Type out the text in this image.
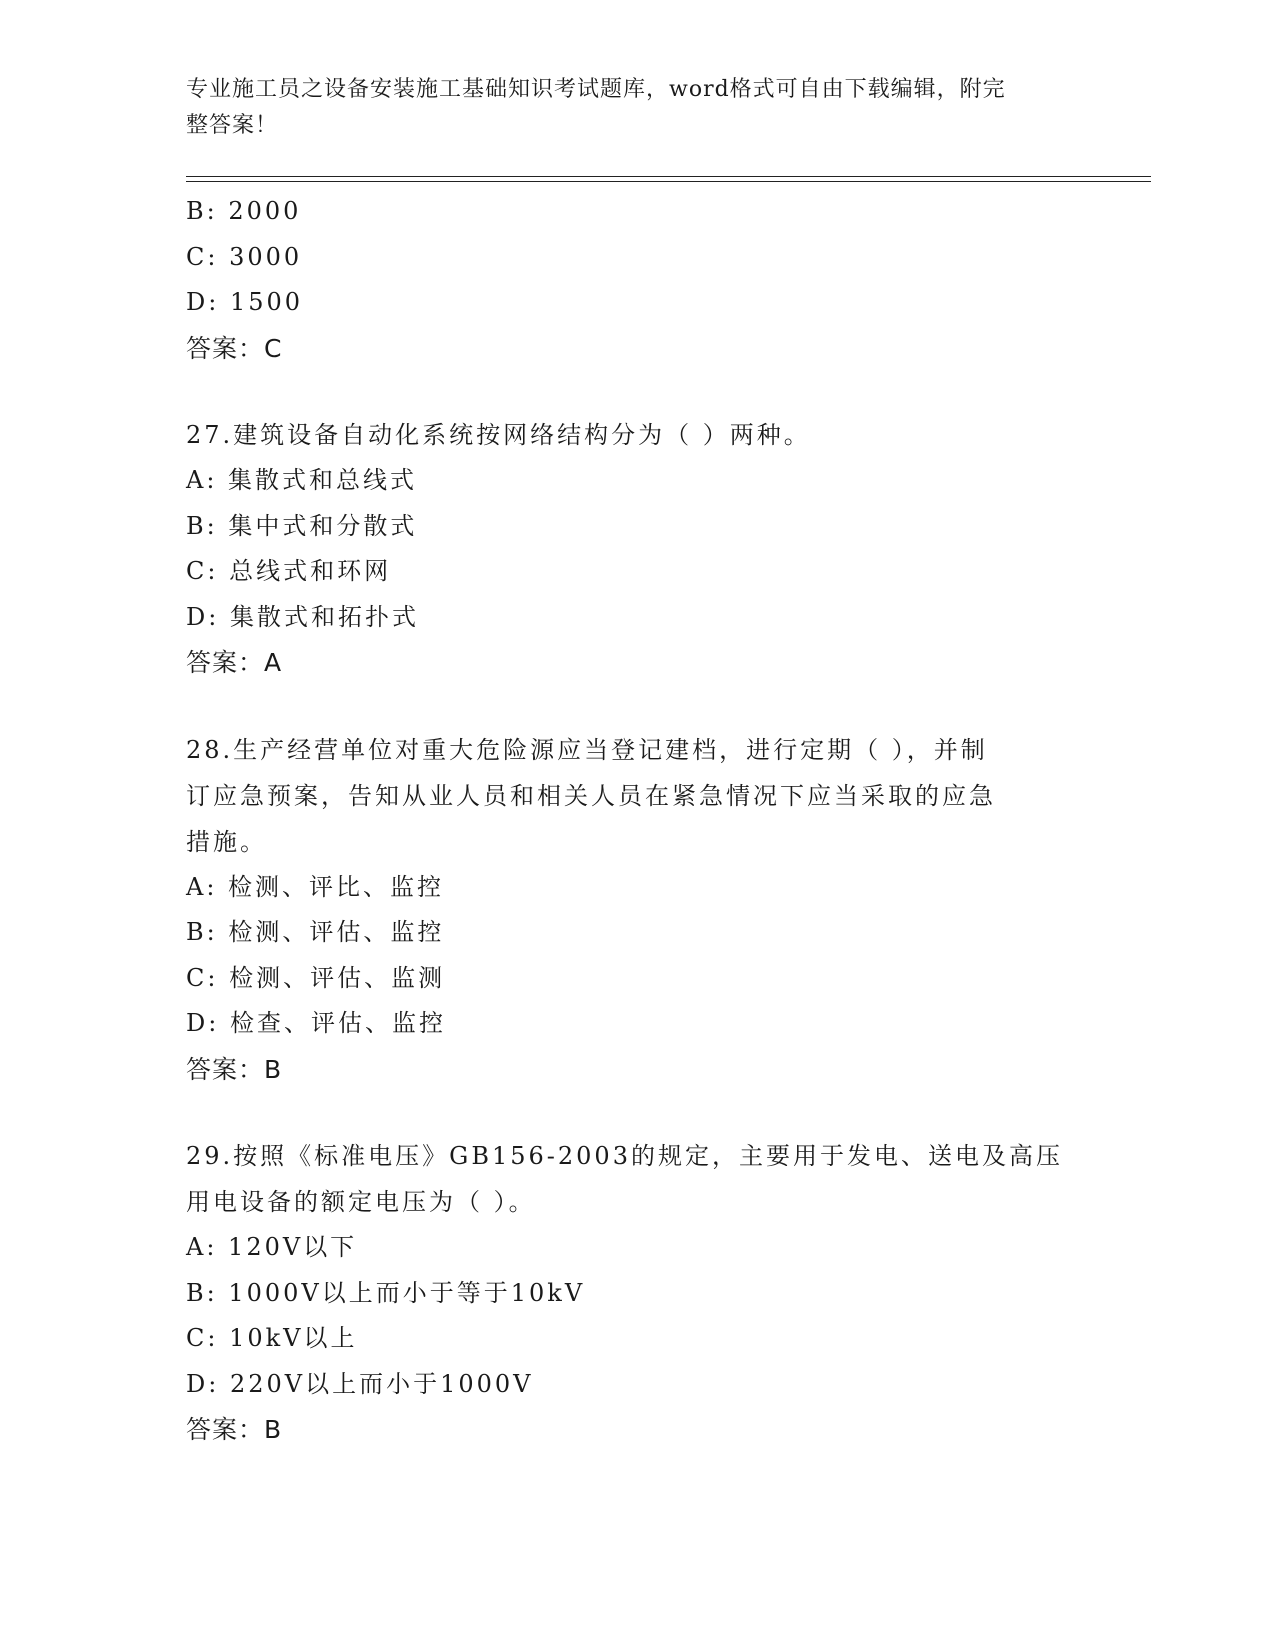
专业施工员之设备安装施工基础知识考试题库，word格式可自由下载编辑，附完
整答案！
B: 2000
C: 3000
D: 1500
答案：C
27.建筑设备自动化系统按网络结构分为（ ）两种。
A: 集散式和总线式
B: 集中式和分散式
C: 总线式和环网
D: 集散式和拓扑式
答案：A
28.生产经营单位对重大危险源应当登记建档，进行定期（ ），并制
订应急预案，告知从业人员和相关人员在紧急情况下应当采取的应急
措施。
A: 检测、评比、监控
B: 检测、评估、监控
C: 检测、评估、监测
D: 检查、评估、监控
答案：B
29.按照《标准电压》GB156-2003的规定，主要用于发电、送电及高压
用电设备的额定电压为（ ）。
A: 120V以下
B: 1000V以上而小于等于10kV
C: 10kV以上
D: 220V以上而小于1000V
答案：B
